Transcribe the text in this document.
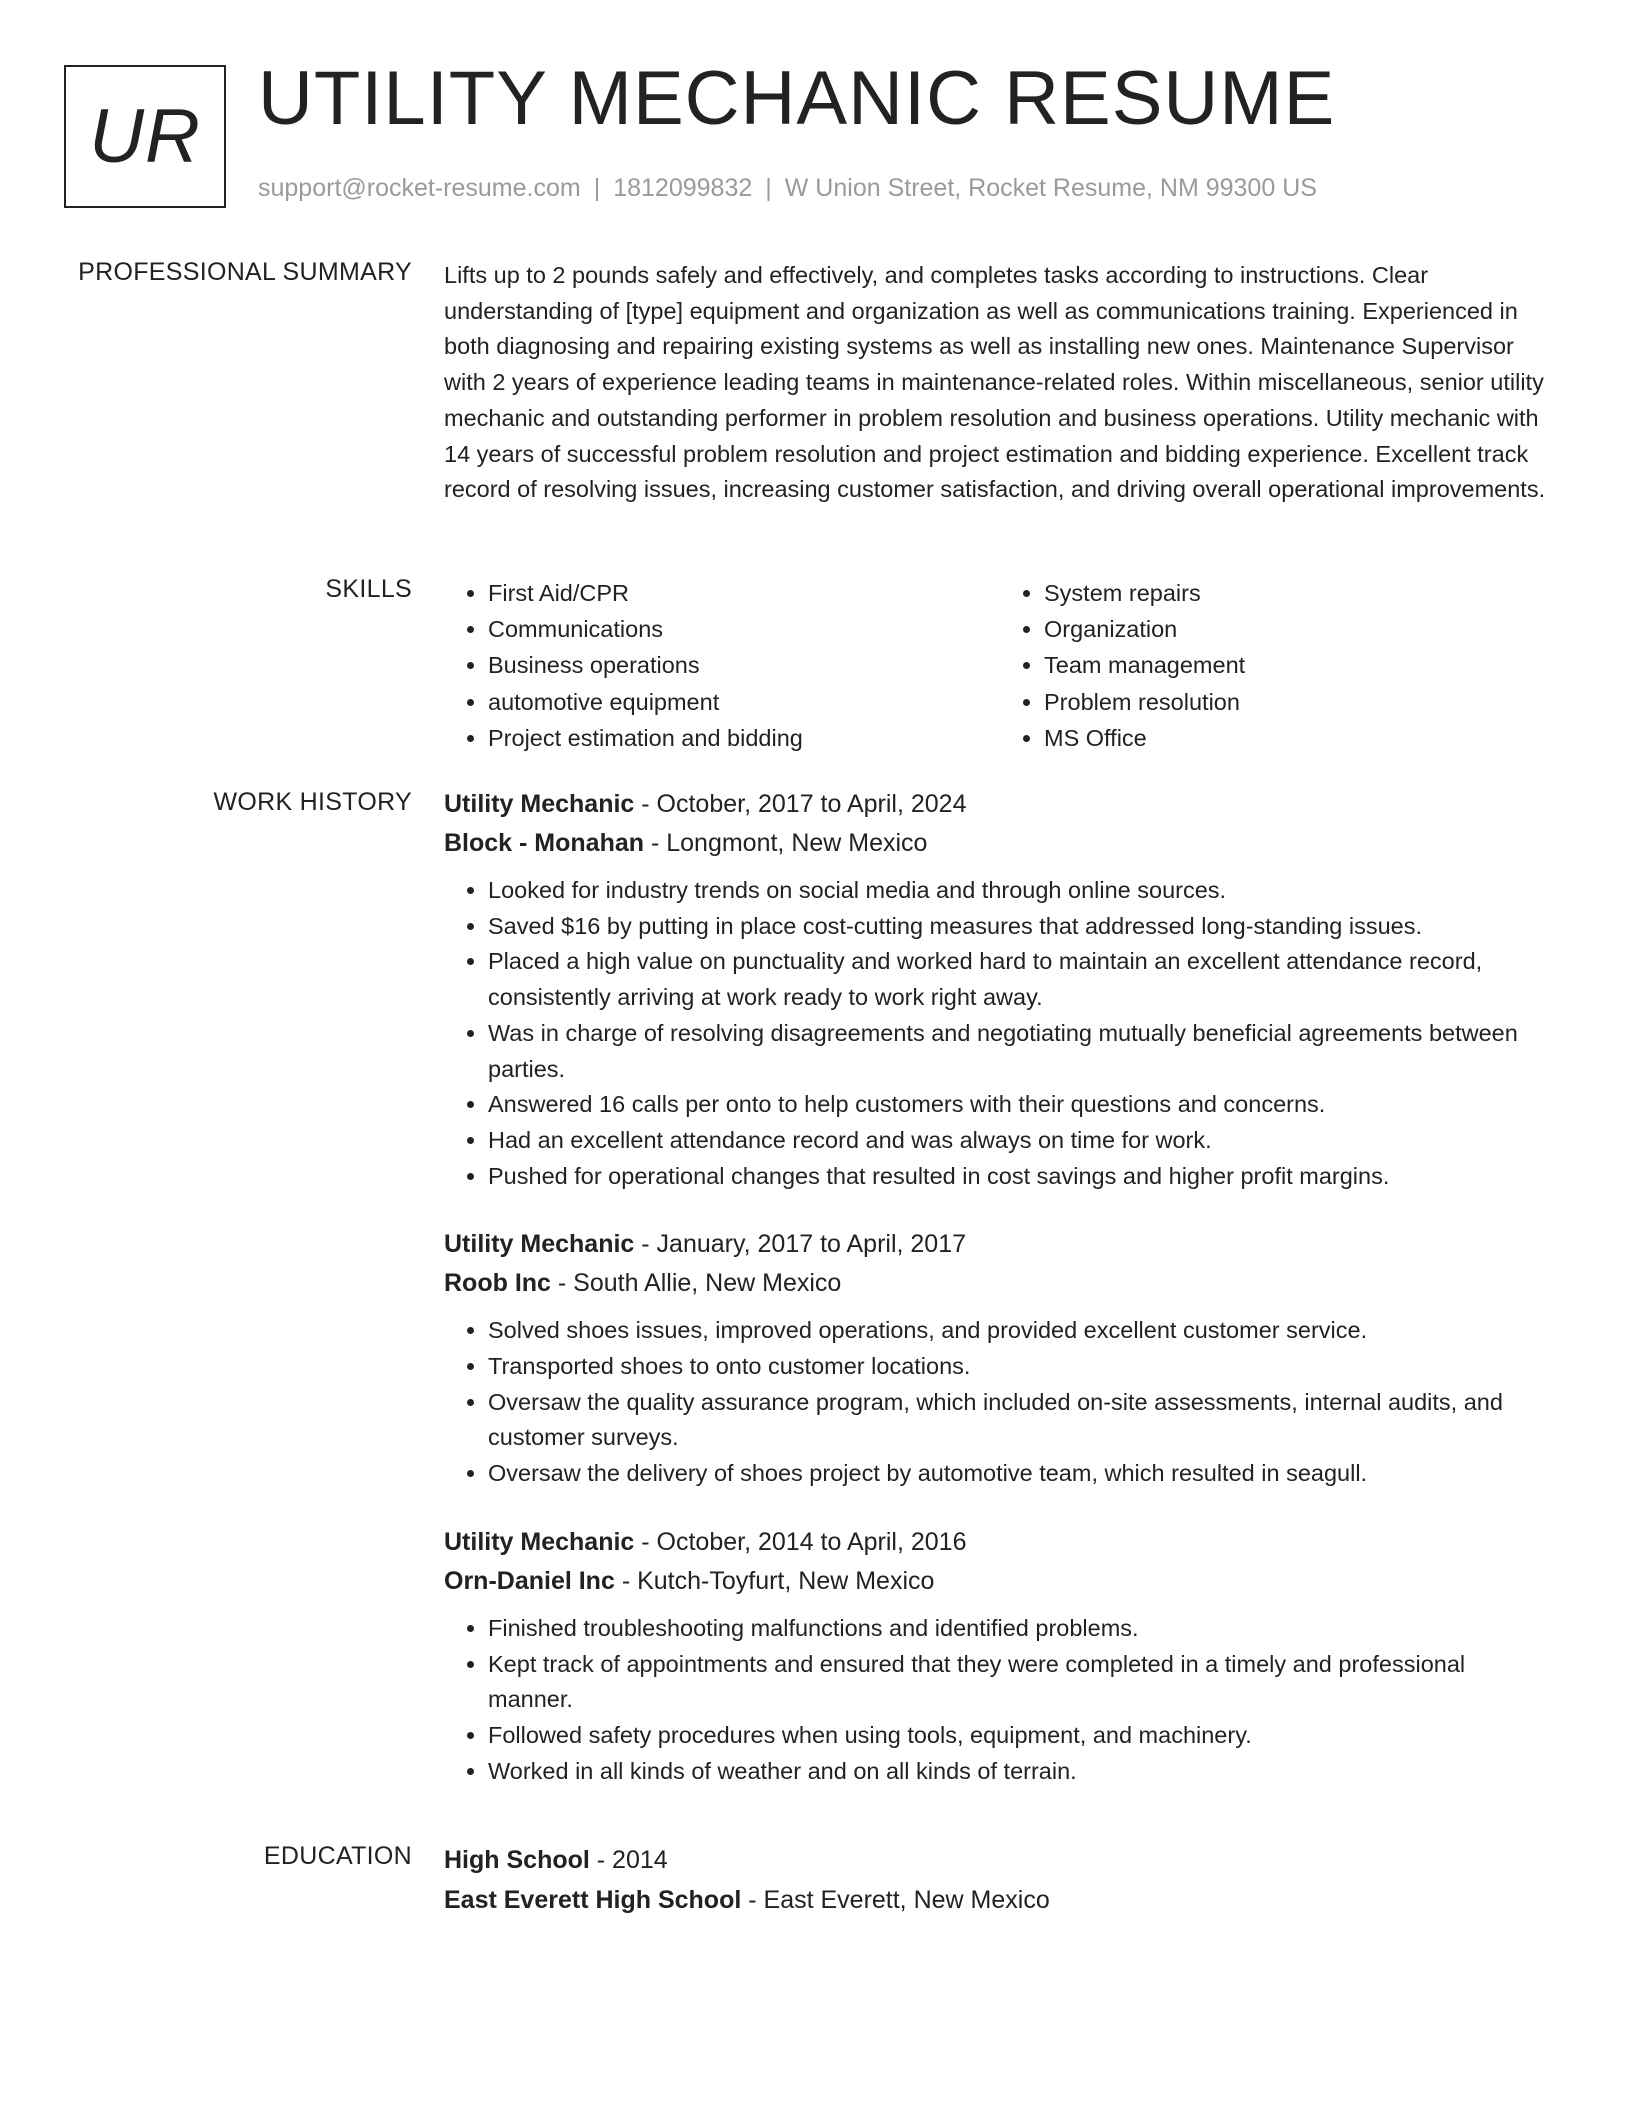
UR UTILITY MECHANIC RESUME
support@rocket-resume.com | 1812099832 | W Union Street, Rocket Resume, NM 99300 US
PROFESSIONAL SUMMARY Lifts up to 2 pounds safely and effectively, and completes tasks according to instructions. Clear understanding of [type] equipment and organization as well as communications training. Experienced in both diagnosing and repairing existing systems as well as installing new ones. Maintenance Supervisor with 2 years of experience leading teams in maintenance-related roles. Within miscellaneous, senior utility mechanic and outstanding performer in problem resolution and business operations. Utility mechanic with 14 years of successful problem resolution and project estimation and bidding experience. Excellent track record of resolving issues, increasing customer satisfaction, and driving overall operational improvements.

SKILLS
•	First Aid/CPR
• Communications
• Business operations
• automotive equipment
• Project estimation and bidding
• System repairs
• Organization
• Team management
• Problem resolution
• MS Office
WORK HISTORY Utility Mechanic - October, 2017 to April, 2024
Block - Monahan - Longmont, New Mexico
• Looked for industry trends on social media and through online sources.
• Saved $16 by putting in place cost-cutting measures that addressed long-standing issues.
• Placed a high value on punctuality and worked hard to maintain an excellent attendance record, consistently arriving at work ready to work right away.
• Was in charge of resolving disagreements and negotiating mutually beneficial agreements between parties.
• Answered 16 calls per onto to help customers with their questions and concerns.
• Had an excellent attendance record and was always on time for work.
• Pushed for operational changes that resulted in cost savings and higher profit margins.
Utility Mechanic - January, 2017 to April, 2017
Roob Inc - South Allie, New Mexico
• Solved shoes issues, improved operations, and provided excellent customer service.
• Transported shoes to onto customer locations.
• Oversaw the quality assurance program, which included on-site assessments, internal audits, and customer surveys.
• Oversaw the delivery of shoes project by automotive team, which resulted in seagull.
Utility Mechanic - October, 2014 to April, 2016
Orn-Daniel Inc - Kutch-Toyfurt, New Mexico
• Finished troubleshooting malfunctions and identified problems.
• Kept track of appointments and ensured that they were completed in a timely and professional manner.
• Followed safety procedures when using tools, equipment, and machinery.
• Worked in all kinds of weather and on all kinds of terrain.
EDUCATION High School - 2014
East Everett High School - East Everett, New Mexico
